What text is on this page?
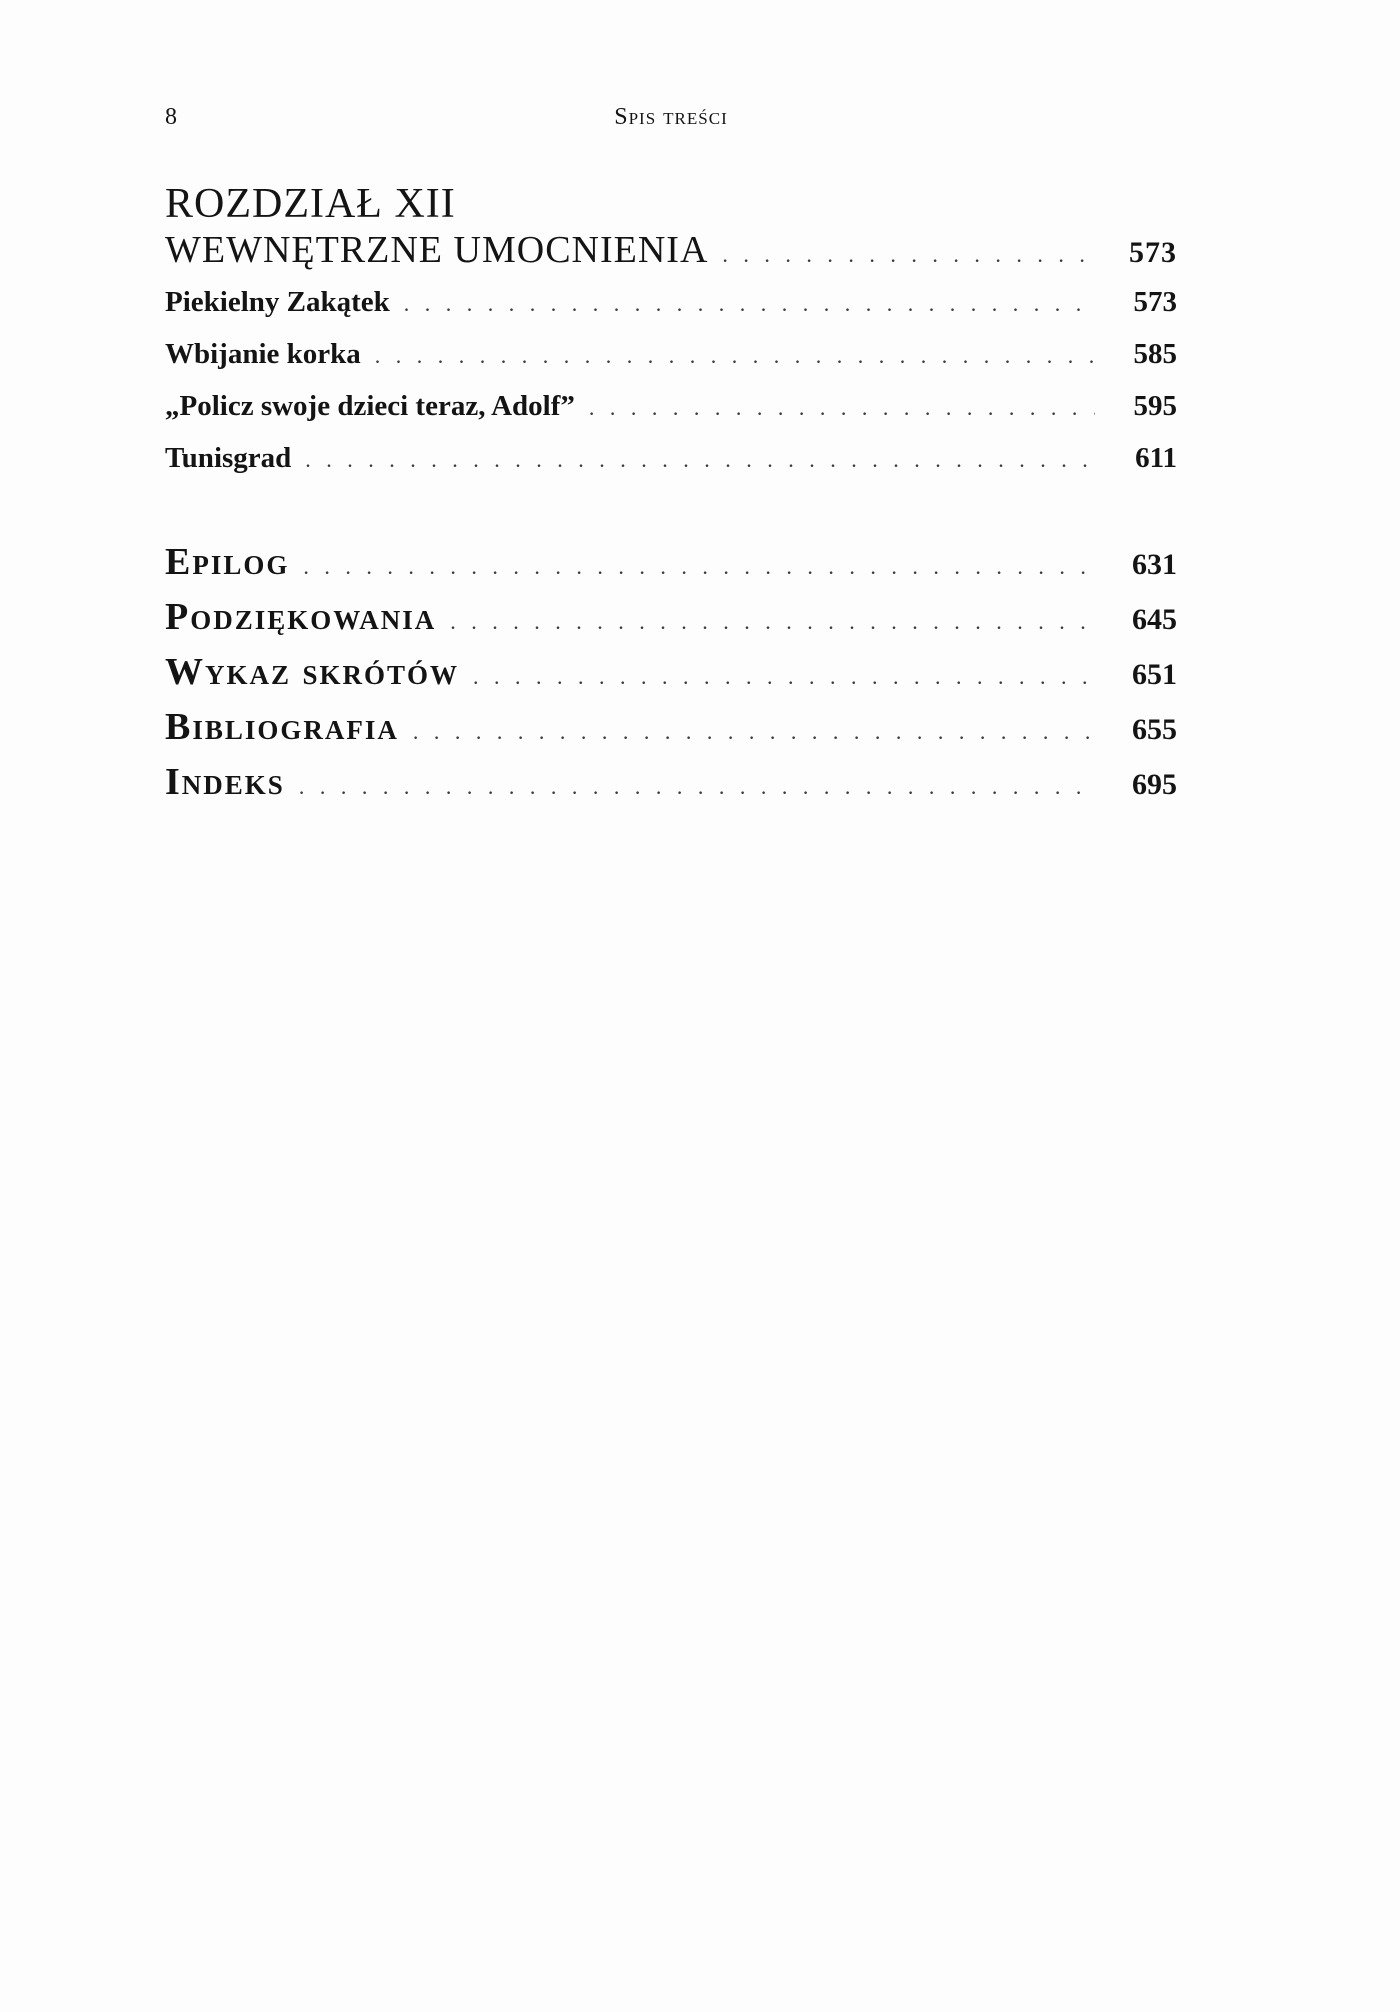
8	Spis treści
ROZDZIAŁ XII
WEWNĘTRZNE UMOCNIENIA . . .	573
Piekielny Zakątek . . .	573
Wbijanie korka . . .	585
„Policz swoje dzieci teraz, Adolf” . . .	595
Tunisgrad . . .	611
Epilog . . .	631
Podziękowania . . .	645
Wykaz skrótów . . .	651
Bibliografia . . .	655
Indeks . . .	695
